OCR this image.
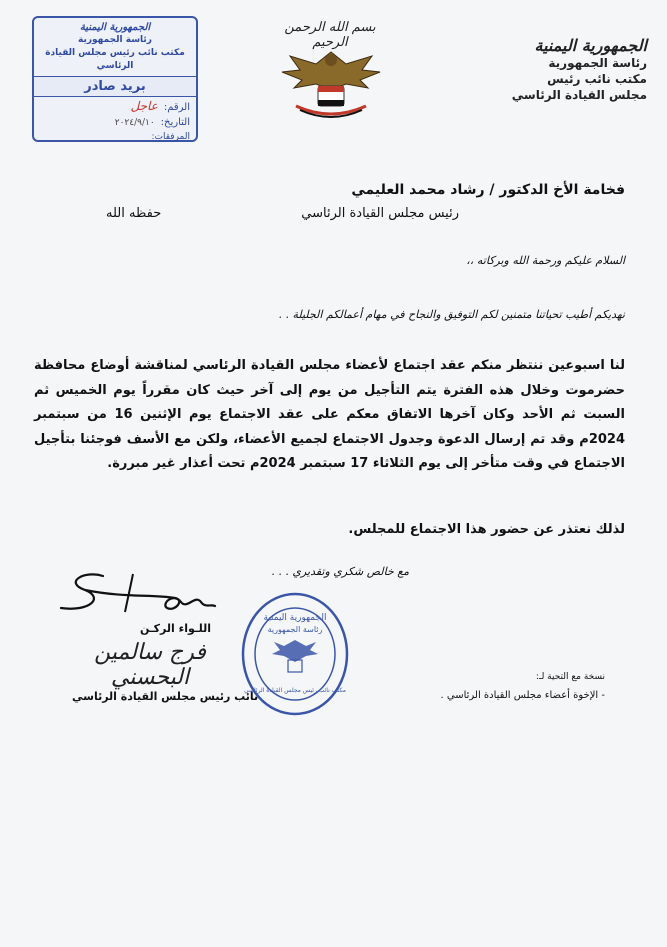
الجمهورية اليمنية
رئاسة الجمهورية
مكتب نائب رئيس
مجلس القيادة الرئاسي
بسم الله الرحمن الرحيم
الجمهورية اليمنية
رئاسة الجمهورية
مكتب نائب رئيس مجلس القيادة الرئاسي
بريد صادر
الرقم:
عاجل
التاريخ:
٢٠٢٤/٩/١٠
المرفقات:
فخامة الأخ الدكتور / رشاد محمد العليمي
رئيس مجلس القيادة الرئاسي
حفظه الله
السلام عليكم ورحمة الله وبركاته ،،
نهديكم أطيب تحياتنا متمنين لكم التوفيق والنجاح في مهام أعمالكم الجليلة . .
لنا اسبوعين ننتظر منكم عقد اجتماع لأعضاء مجلس القيادة الرئاسي لمناقشة أوضاع محافظة حضرموت وخلال هذه الفترة يتم التأجيل من يوم إلى آخر حيث كان مقرراً يوم الخميس ثم السبت ثم الأحد وكان آخرها الاتفاق معكم على عقد الاجتماع يوم الإثنين 16 من سبتمبر 2024م وقد تم إرسال الدعوة وجدول الاجتماع لجميع الأعضاء، ولكن مع الأسف فوجئنا بتأجيل الاجتماع في وقت متأخر إلى يوم الثلاثاء 17 سبتمبر 2024م تحت أعذار غير مبررة.
لذلك نعتذر عن حضور هذا الاجتماع للمجلس.
مع خالص شكري وتقديري . . .
اللـواء الركـن
فرج سالمين البحسني
نائب رئيس مجلس القيادة الرئاسي
الجمهورية اليمنية
رئاسة الجمهورية
مكتب نائب رئيس مجلس القيادة الرئاسي
نسخة مع التحية لـ:
- الإخوة أعضاء مجلس القيادة الرئاسي .
